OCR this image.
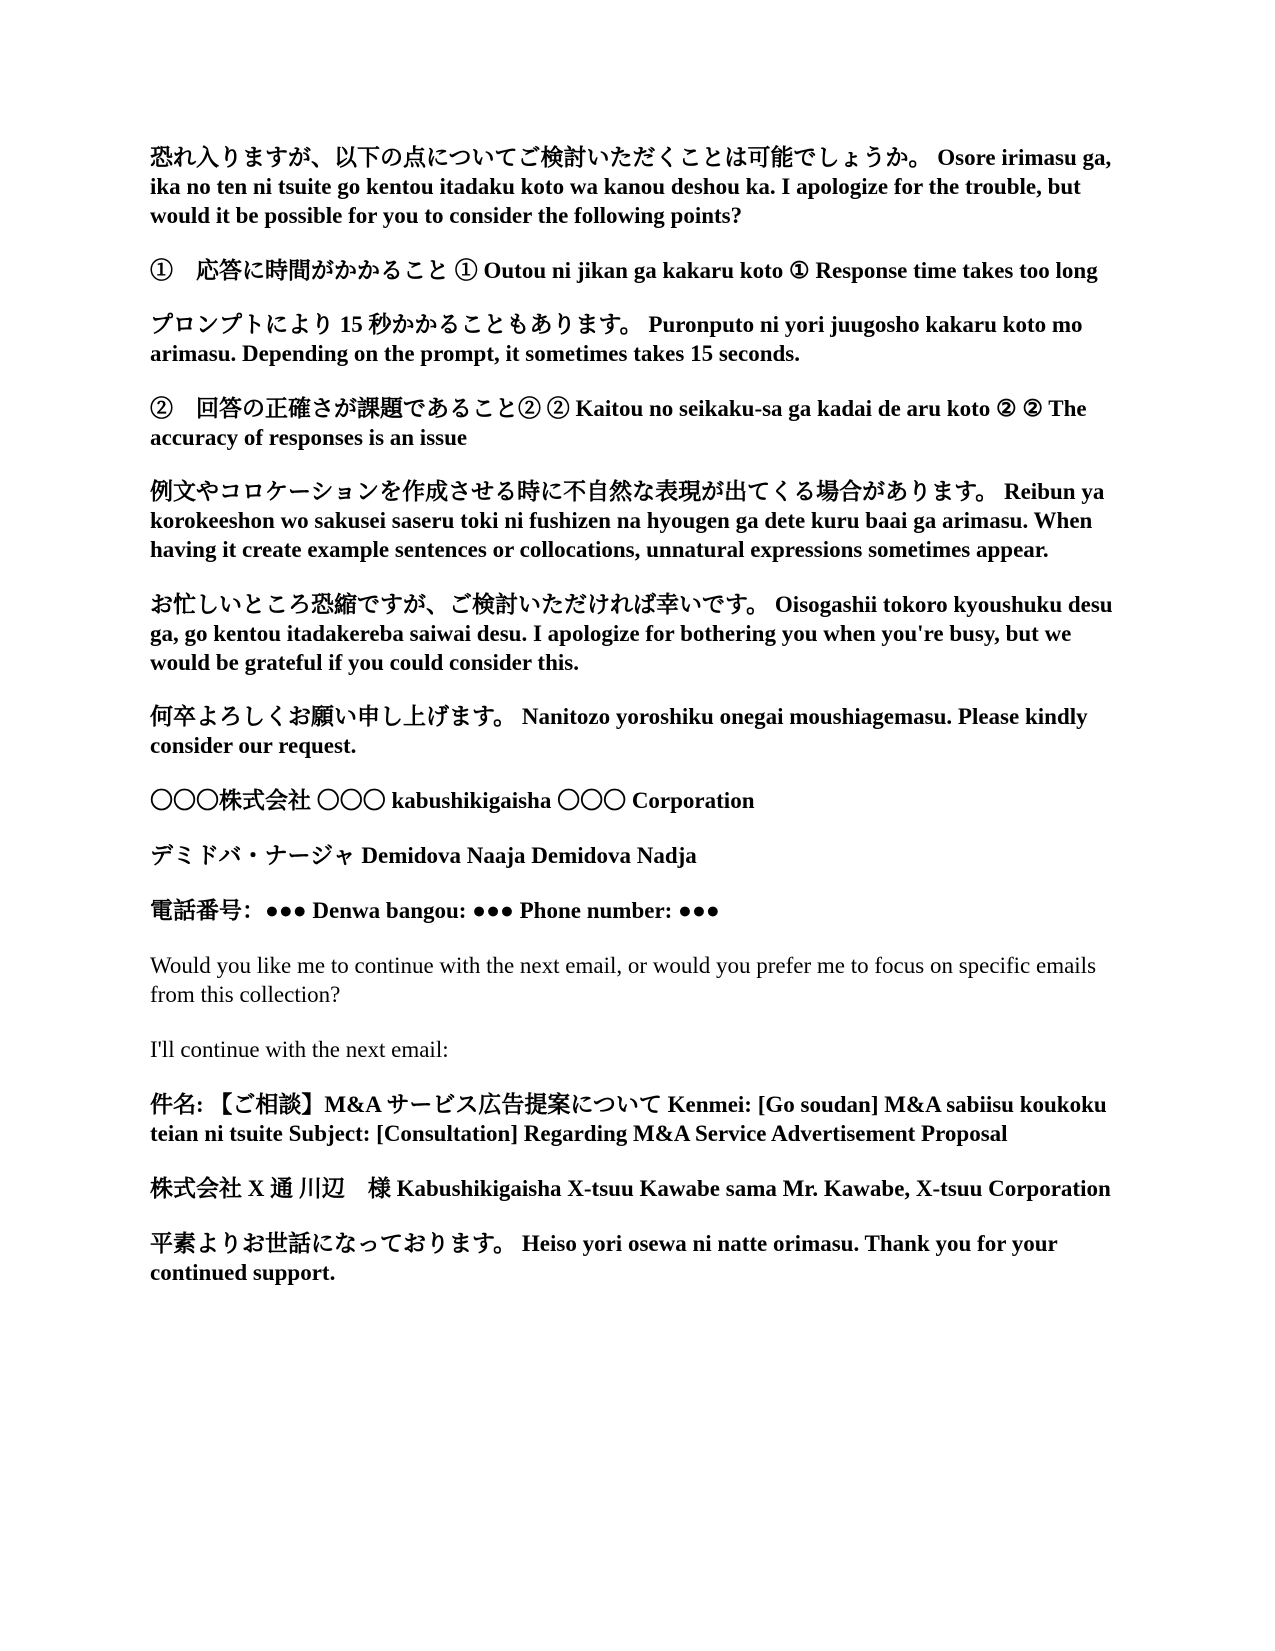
恐れ入りますが、以下の点についてご検討いただくことは可能でしょうか。 Osore irimasu ga, ika no ten ni tsuite go kentou itadaku koto wa kanou deshou ka. I apologize for the trouble, but would it be possible for you to consider the following points?

①　応答に時間がかかること ① Outou ni jikan ga kakaru koto ① Response time takes too long

プロンプトにより 15 秒かかることもあります。 Puronputo ni yori juugosho kakaru koto mo arimasu. Depending on the prompt, it sometimes takes 15 seconds.

②　回答の正確さが課題であること② ② Kaitou no seikaku-sa ga kadai de aru koto ② ② The accuracy of responses is an issue

例文やコロケーションを作成させる時に不自然な表現が出てくる場合があります。 Reibun ya korokeeshon wo sakusei saseru toki ni fushizen na hyougen ga dete kuru baai ga arimasu. When having it create example sentences or collocations, unnatural expressions sometimes appear.

お忙しいところ恐縮ですが、ご検討いただければ幸いです。 Oisogashii tokoro kyoushuku desu ga, go kentou itadakereba saiwai desu. I apologize for bothering you when you're busy, but we would be grateful if you could consider this.

何卒よろしくお願い申し上げます。 Nanitozo yoroshiku onegai moushiagemasu. Please kindly consider our request.

〇〇〇株式会社 〇〇〇 kabushikigaisha 〇〇〇 Corporation

デミドバ・ナージャ Demidova Naaja Demidova Nadja

電話番号：●●● Denwa bangou: ●●● Phone number: ●●●

Would you like me to continue with the next email, or would you prefer me to focus on specific emails from this collection?

I'll continue with the next email:

件名: 【ご相談】M&A サービス広告提案について Kenmei: [Go soudan] M&A sabiisu koukoku teian ni tsuite Subject: [Consultation] Regarding M&A Service Advertisement Proposal

株式会社 X 通 川辺　様 Kabushikigaisha X-tsuu Kawabe sama Mr. Kawabe, X-tsuu Corporation

平素よりお世話になっております。 Heiso yori osewa ni natte orimasu. Thank you for your continued support.
